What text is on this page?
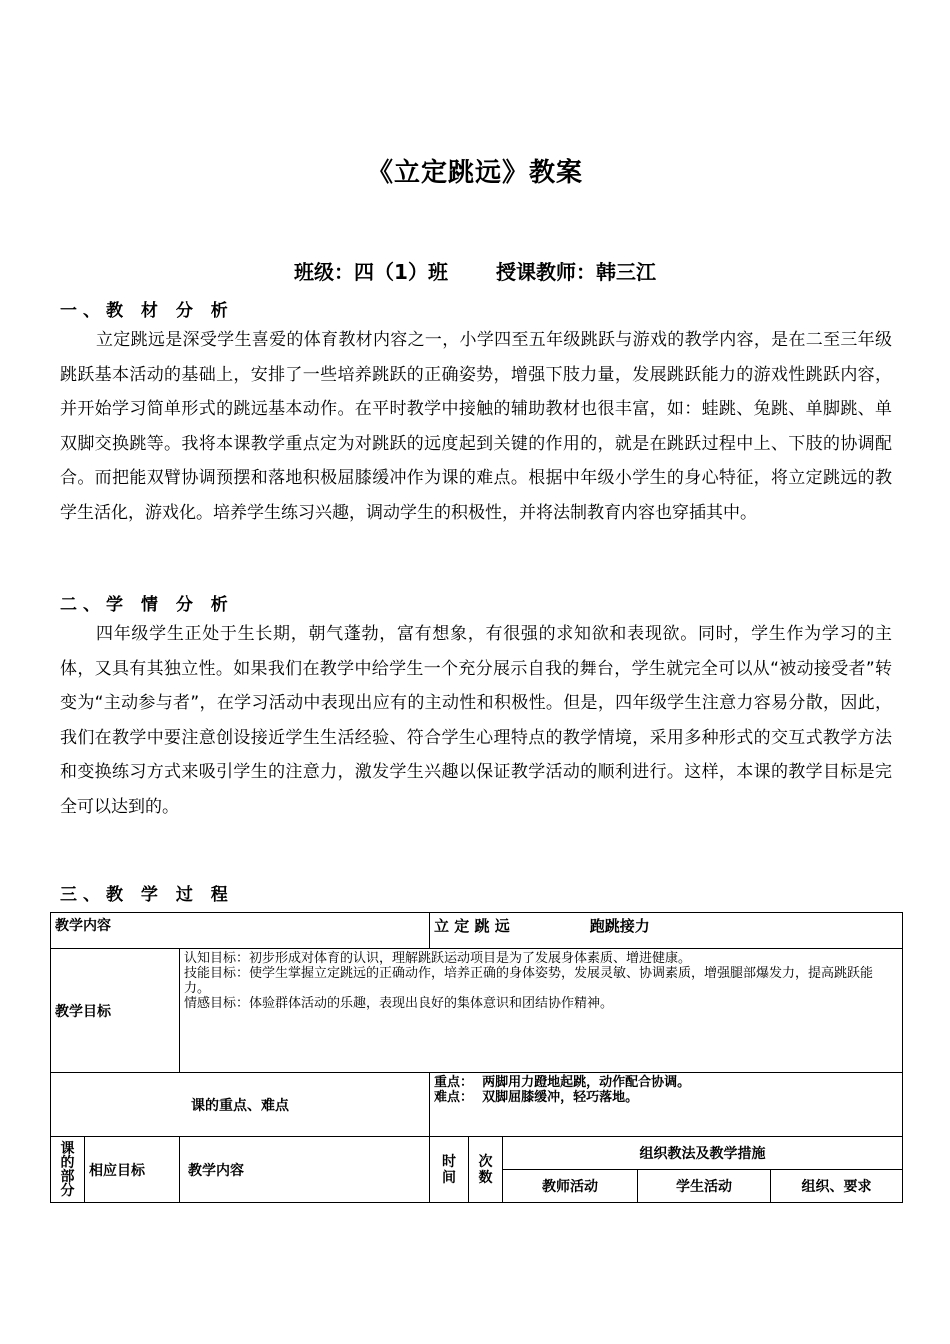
《立定跳远》教案
班级：四（1）班 授课教师：韩三江
一、教 材 分 析
立定跳远是深受学生喜爱的体育教材内容之一，小学四至五年级跳跃与游戏的教学内容，是在二至三年级跳跃基本活动的基础上，安排了一些培养跳跃的正确姿势，增强下肢力量，发展跳跃能力的游戏性跳跃内容，并开始学习简单形式的跳远基本动作。在平时教学中接触的辅助教材也很丰富，如：蛙跳、兔跳、单脚跳、单双脚交换跳等。我将本课教学重点定为对跳跃的远度起到关键的作用的，就是在跳跃过程中上、下肢的协调配合。而把能双臂协调预摆和落地积极屈膝缓冲作为课的难点。根据中年级小学生的身心特征，将立定跳远的教学生活化，游戏化。培养学生练习兴趣，调动学生的积极性，并将法制教育内容也穿插其中。
二、学 情 分 析
四年级学生正处于生长期，朝气蓬勃，富有想象，有很强的求知欲和表现欲。同时，学生作为学习的主体，又具有其独立性。如果我们在教学中给学生一个充分展示自我的舞台，学生就完全可以从“被动接受者”转变为“主动参与者”，在学习活动中表现出应有的主动性和积极性。但是，四年级学生注意力容易分散，因此，我们在教学中要注意创设接近学生生活经验、符合学生心理特点的教学情境，采用多种形式的交互式教学方法和变换练习方式来吸引学生的注意力，激发学生兴趣以保证教学活动的顺利进行。这样，本课的教学目标是完全可以达到的。
三、教 学 过 程
教学内容			立 定 跳 远 跑跳接力				
教学目标		认知目标：初步形成对体育的认识，理解跳跃运动项目是为了发展身体素质、增进健康。
技能目标：使学生掌握立定跳远的正确动作，培养正确的身体姿势，发展灵敏、协调素质，增强腿部爆发力，提高跳跃能力。
情感目标：体验群体活动的乐趣，表现出良好的集体意识和团结协作精神。					

课的重点、难点			重点：  两脚用力蹬地起跳，动作配合协调。
难点：  双脚屈膝缓冲，轻巧落地。				

课的部分	相应目标	教学内容	时间	次数	组织教法及教学措施		
					教师活动	学生活动	组织、要求
